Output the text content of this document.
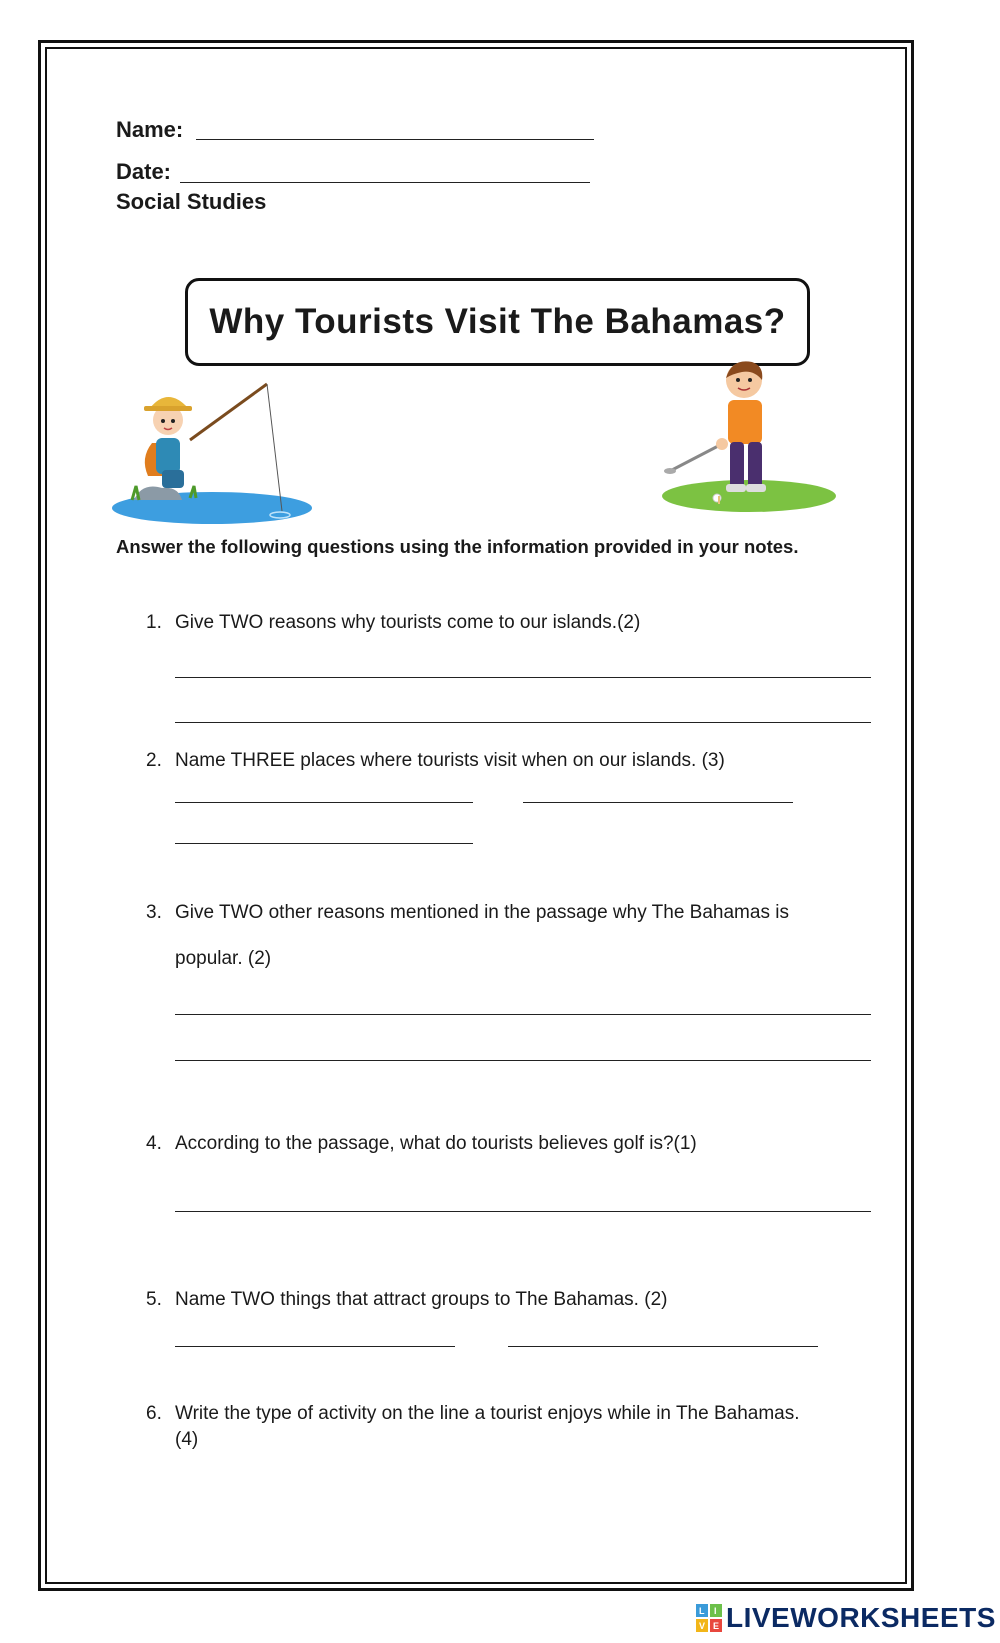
Name:
Date:
Social Studies
Why Tourists Visit The Bahamas?
Answer the following questions using the information provided in your notes.
1. Give TWO reasons why tourists come to our islands.(2)
2. Name THREE places where tourists visit when on our islands. (3)
3. Give TWO other reasons mentioned in the passage why The Bahamas is
popular. (2)
4. According to the passage, what do tourists believes golf is?(1)
5. Name TWO things that attract groups to The Bahamas. (2)
6. Write the type of activity on the line a tourist enjoys while in The Bahamas.
(4)
L I
V E LIVEWORKSHEETS
